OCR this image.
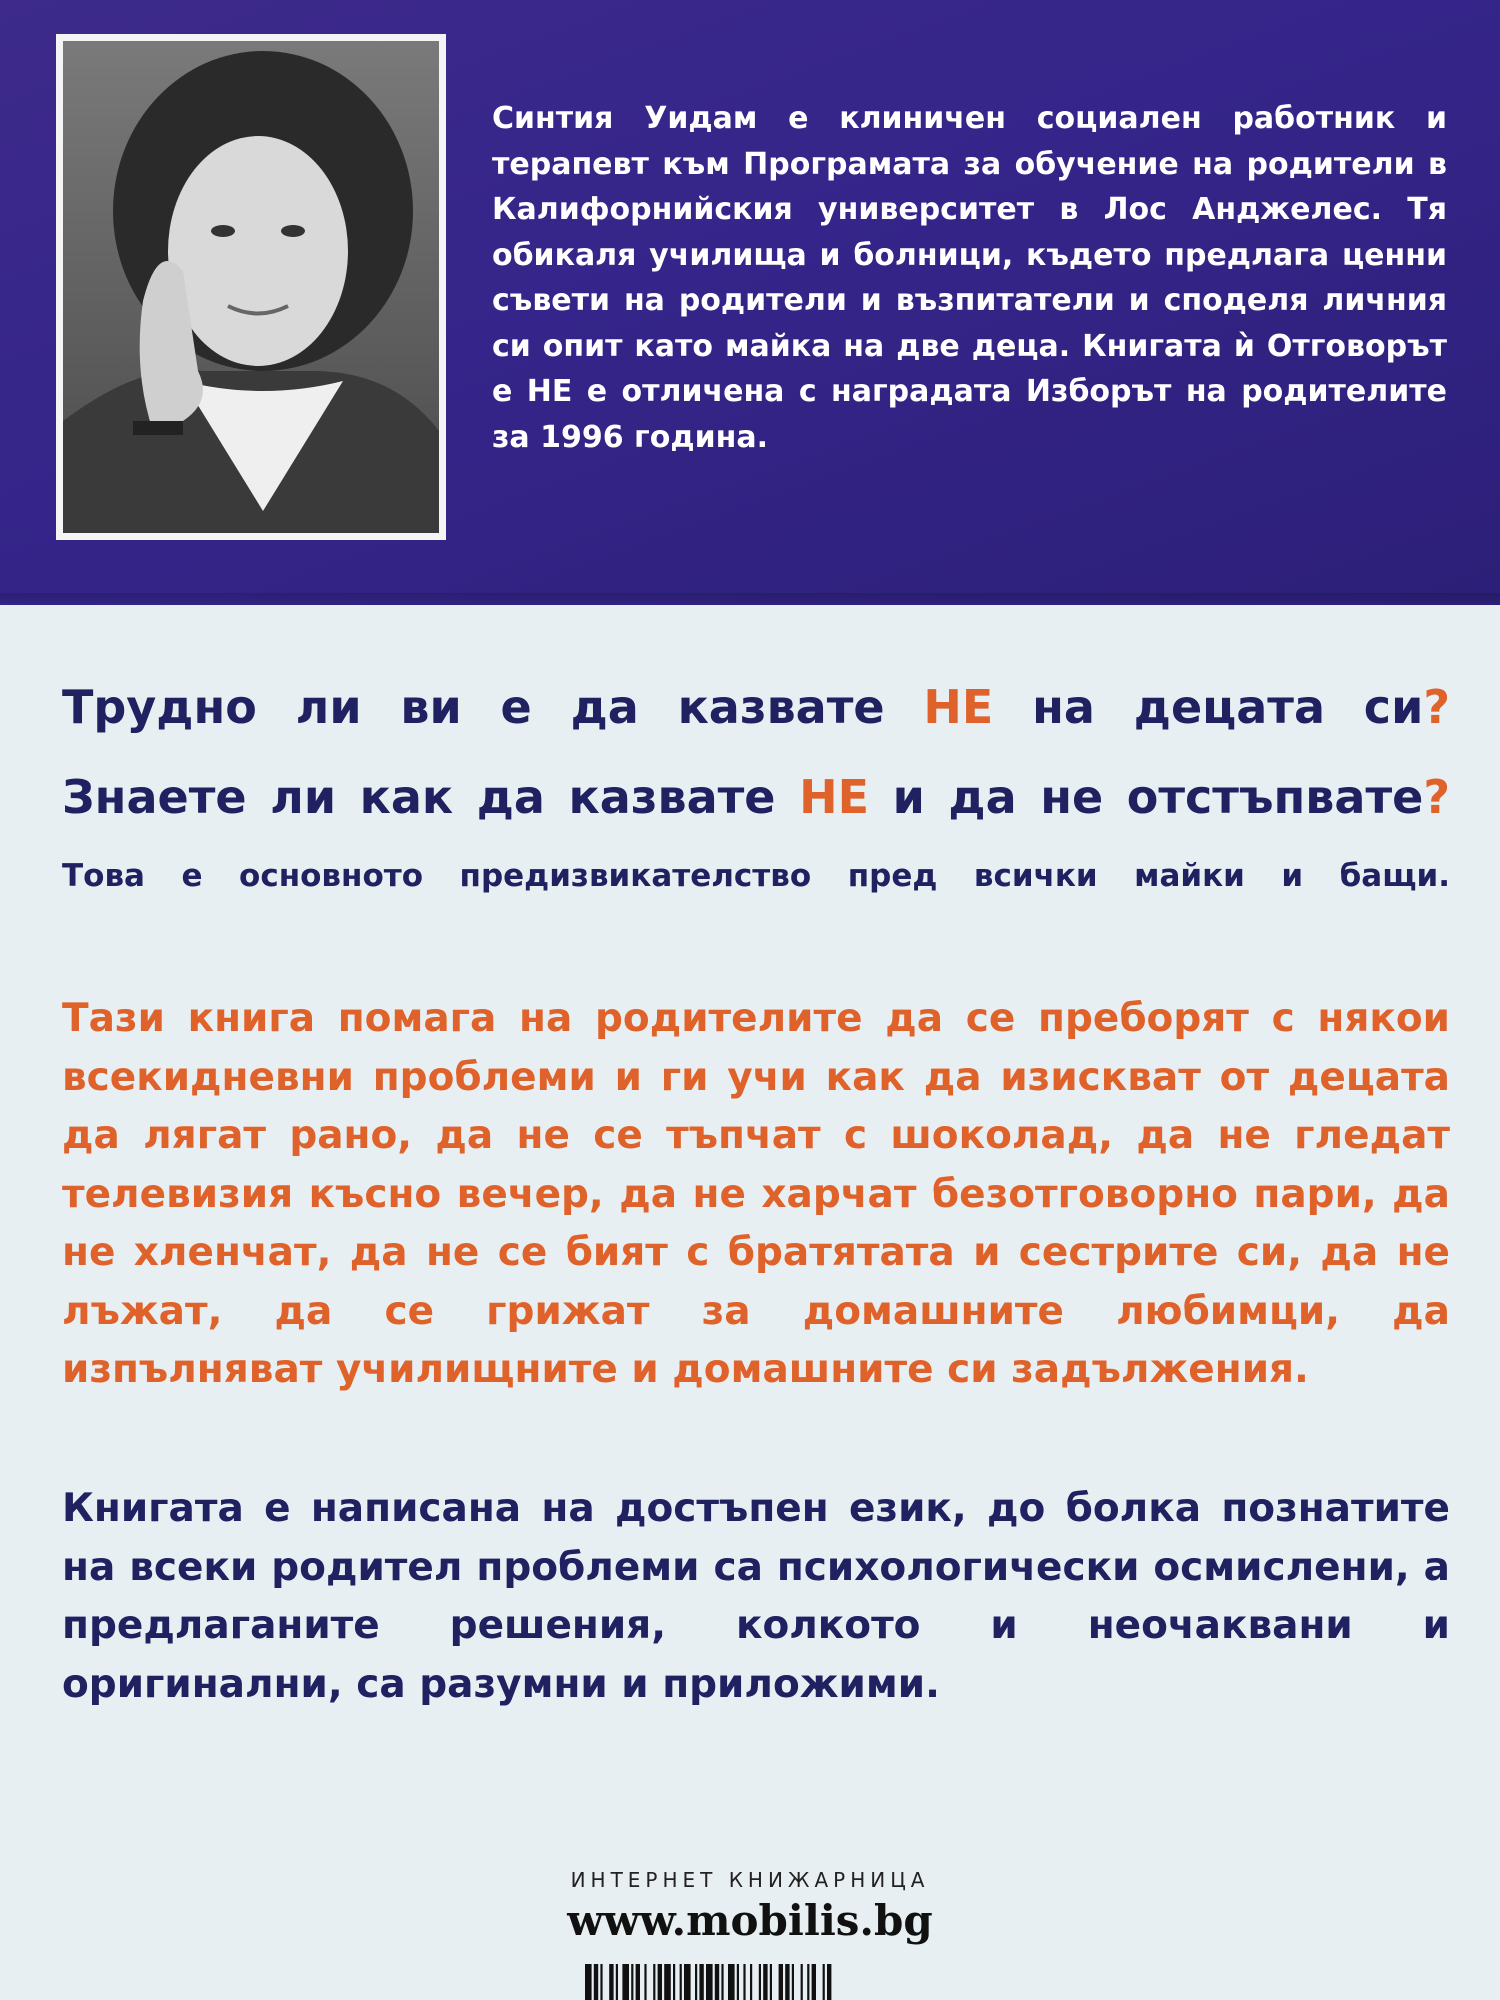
Синтия Уидам е клиничен социален работник и терапевт към Програмата за обучение на родители в Калифорнийския университет в Лос Анджелес. Тя обикаля училища и болници, където предлага ценни съвети на родители и възпитатели и споделя личния си опит като майка на две деца. Книгата ѝ Отговорът е НЕ е отличена с наградата Изборът на родителите за 1996 година.

Трудно ли ви е да казвате НЕ на децата си?
Знаете ли как да казвате НЕ и да не отстъпвате?
Това е основното предизвикателство пред всички майки и бащи.

Тази книга помага на родителите да се преборят с някои всекидневни проблеми и ги учи как да изискват от децата да лягат рано, да не се тъпчат с шоколад, да не гледат телевизия късно вечер, да не харчат безотговорно пари, да не хленчат, да не се бият с братятата и сестрите си, да не лъжат, да се грижат за домашните любимци, да изпълняват училищните и домашните си задължения.

Книгата е написана на достъпен език, до болка познатите на всеки родител проблеми са психологически осмислени, а предлаганите решения, колкото и неочаквани и оригинални, са разумни и приложими.

ИНТЕРНЕТ КНИЖАРНИЦА
www.mobilis.bg
